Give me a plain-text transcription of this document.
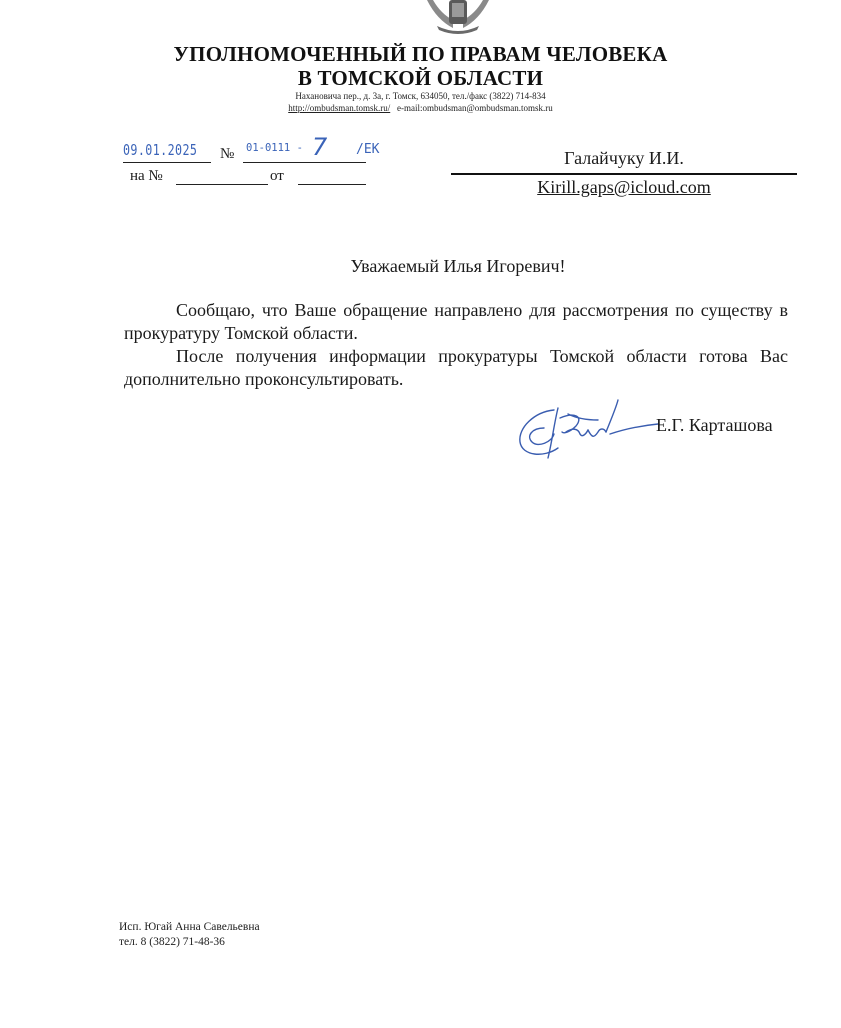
УПОЛНОМОЧЕННЫЙ ПО ПРАВАМ ЧЕЛОВЕКА
В ТОМСКОЙ ОБЛАСТИ
Нахановича пер., д. 3а, г. Томск, 634050, тел./факс (3822) 714-834
http://ombudsman.tomsk.ru/ e-mail:ombudsman@ombudsman.tomsk.ru
09.01.2025 № 01-0111 - 7 /ЕК
на №	от
Галайчуку И.И.
Kirill.gaps@icloud.com
Уважаемый Илья Игоревич!

Сообщаю, что Ваше обращение направлено для рассмотрения по существу в прокуратуру Томской области.

После получения информации прокуратуры Томской области готова Вас дополнительно проконсультировать.

Е.Г. Карташова
Исп. Югай Анна Савельевна
тел. 8 (3822) 71-48-36
